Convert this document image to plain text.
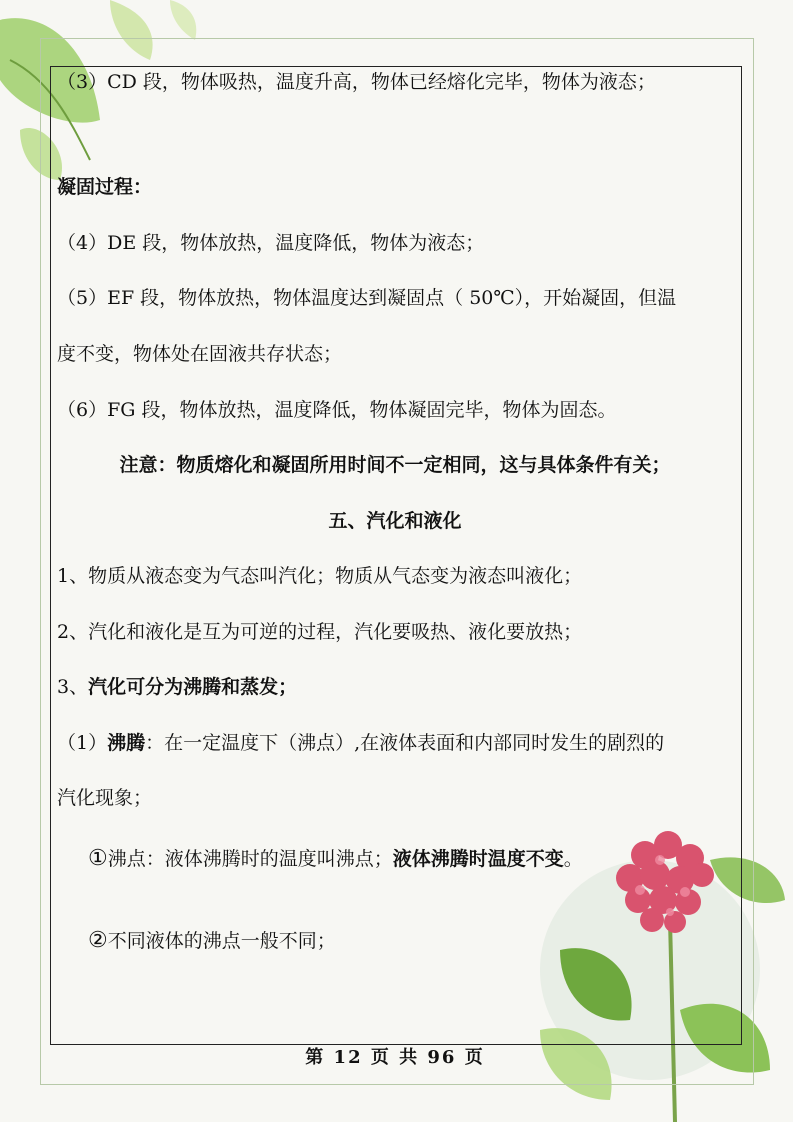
（3）CD 段，物体吸热，温度升高，物体已经熔化完毕，物体为液态；
凝固过程：
（4）DE 段，物体放热，温度降低，物体为液态；
（5）EF 段，物体放热，物体温度达到凝固点（ 50℃），开始凝固，但温
度不变，物体处在固液共存状态；
（6）FG 段，物体放热，温度降低，物体凝固完毕，物体为固态。
注意：物质熔化和凝固所用时间不一定相同，这与具体条件有关；
五、汽化和液化
1、物质从液态变为气态叫汽化；物质从气态变为液态叫液化；
2、汽化和液化是互为可逆的过程，汽化要吸热、液化要放热；
3、汽化可分为沸腾和蒸发；
（1）沸腾：在一定温度下（沸点）,在液体表面和内部同时发生的剧烈的
汽化现象；
①沸点：液体沸腾时的温度叫沸点；液体沸腾时温度不变。
②不同液体的沸点一般不同；
第 12 页 共 96 页
